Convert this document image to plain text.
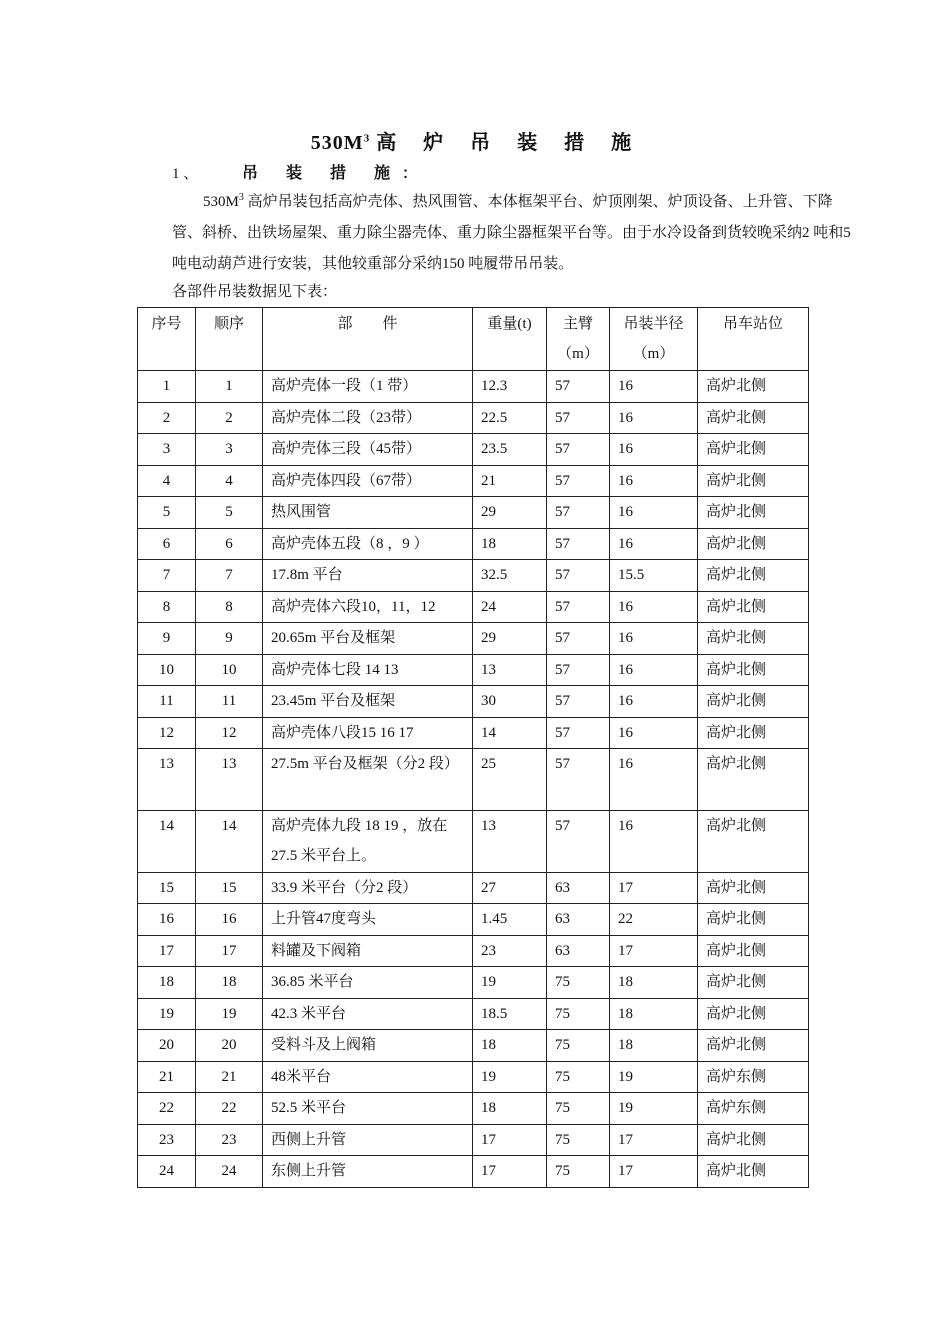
$530M^3$ 高 炉 吊 装 措 施
1 、	吊 装 措 施：

$530M^3$ 高炉吊装包括高炉壳体、热风围管、本体框架平台、炉顶刚架、炉顶设备、上升管、下降管、斜桥、出铁场屋架、重力除尘器壳体、重力除尘器框架平台等。由于水冷设备到货较晚采纳2 吨和5 吨电动葫芦进行安装，其他较重部分采纳150 吨履带吊吊装。

各部件吊装数据见下表：
序号	顺序	部　　件	重量(t)	主臂（m）	吊装半径（m）	吊车站位
1	1	高炉壳体一段（1 带）	12.3	57	16	高炉北侧
2	2	高炉壳体二段（23带）	22.5	57	16	高炉北侧
3	3	高炉壳体三段（45带）	23.5	57	16	高炉北侧
4	4	高炉壳体四段（67带）	21	57	16	高炉北侧
5	5	热风围管	29	57	16	高炉北侧
6	6	高炉壳体五段（8 ，9 ）	18	57	16	高炉北侧
7	7	17.8m 平台	32.5	57	15.5	高炉北侧
8	8	高炉壳体六段10，11，12	24	57	16	高炉北侧
9	9	20.65m 平台及框架	29	57	16	高炉北侧
10	10	高炉壳体七段 14 13	13	57	16	高炉北侧
11	11	23.45m 平台及框架	30	57	16	高炉北侧
12	12	高炉壳体八段15 16 17	14	57	16	高炉北侧
13	13	27.5m 平台及框架（分2 段）	25	57	16	高炉北侧
14	14	高炉壳体九段 18 19 ，放在27.5 米平台上。	13	57	16	高炉北侧
15	15	33.9 米平台（分2 段）	27	63	17	高炉北侧
16	16	上升管47度弯头	1.45	63	22	高炉北侧
17	17	料罐及下阀箱	23	63	17	高炉北侧
18	18	36.85 米平台	19	75	18	高炉北侧
19	19	42.3 米平台	18.5	75	18	高炉北侧
20	20	受料斗及上阀箱	18	75	18	高炉北侧
21	21	48米平台	19	75	19	高炉东侧
22	22	52.5 米平台	18	75	19	高炉东侧
23	23	西侧上升管	17	75	17	高炉北侧
24	24	东侧上升管	17	75	17	高炉北侧
